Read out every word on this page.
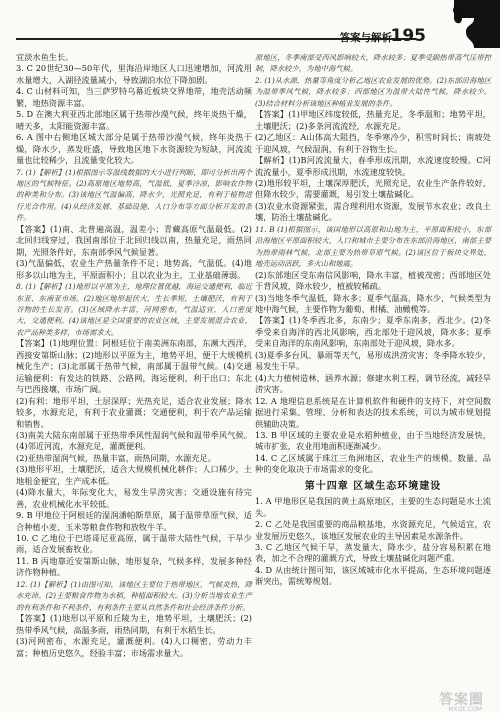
答案与解析
195

宜淡水鱼生长。

3. C 20世纪30—50年代，里海沿岸地区人口迅速增加，河流用水量增大，入湖径流量减小，导致湖泊水位下降加剧。

4. C 山材料可知，当三萨罗特乌幕近板块交界地带，地壳活动频繁，地热资源丰富。

5. D 在澳大利亚西北部地区属于热带沙漠气候，终年炎热干燥，晴天多，太阳能资源丰富。

6. A 图中右侧地区城大部分是属于热带沙漠气候，终年炎热干燥，降水少，蒸发旺盛，导致地区地下水资源较为短缺，河流流量也比较稀少，且流量变化较大。

7. (1)【解析】(1)根据图示等温线数据的大小进行判断，即可分析出两个地区的气候特征。(2)高原地区地势高，气温低，夏季冷凉，影响农作物的种类和分布。(3)该地区气温偏高，降水少，光照充足，有利于植物进行光合作用。(4)从经济发展、基础设施、人口分布等方面分析开发的条件。

【答案】(1)南、北普遍高温，温差小；青藏高原气温最低。(2)北回归线穿过，我国南部位于北回归线以南，热量充足，雨热同期，光照条件好，东南部季风气候显著。

(3)气温偏低，农业生产热量条件不足；地势高，气温低。(4)地形多以山地为主，平原面积小；且以农业为主，工业基础薄弱。

8. (1)【解析】(1)地形以平原为主，地理位置优越，海运交通便利，临近东亚、东南亚市场。(2)地区地形起伏大，生长季短，土壤肥沃，有利于谷物的生长发育。(3)区域降水丰富，河网密布，气温适宜，人口密度大，交通便利。(4)该地区是全国重要的农业区域，主要发展混合农业，农产品种类多样，市场需求大。

【答案】(1)地理位置：阿根廷位于南美洲东南部，东濒大西洋，西接安第斯山脉；(2)地形以平原为主，地势平坦，便于大规模机械化生产；(3)北部属于热带气候，南部属于温带气候。(4)交通运输便利：有发达的铁路、公路网，海运便利，利于出口；东北与巴西接壤，市场广阔。

(2)有利：地形平坦，土层深厚；光热充足，适合农业发展；降水较多，水源充足，有利于农业灌溉；交通便利，利于农产品运输和销售。

(3)南美大陆东南部属于亚热带季风性湿润气候和温带季风气候。(4)邻近河流，水源充足，灌溉便利。

(2)亚热带湿润气候，热量丰富，雨热同期，水源充足。

(3)地形平坦，土壤肥沃，适合大规模机械化耕作；人口稀少，土地租金便宜，生产成本低。

(4)降水量大，年际变化大，易发生旱涝灾害；交通设施有待完善，农业机械化水平较低。

9. B 甲地位于阿根廷的湿润潘帕斯草原，属于温带草原气候，适合种植小麦、玉米等粮食作物和放牧牛羊。

10. C 乙地位于巴塔哥尼亚高原，属于温带大陆性气候，干旱少雨，适合发展畜牧业。

11. B 丙地靠近安第斯山脉，地形复杂，气候多样，发展多种经济作物种植。

12. (1)【解析】(1)由图可知，该地区主要位于热带地区，气候炎热，降水充沛。(2)主要粮食作物为水稻，种植面积较大。(3)分析当地农业生产的有利条件和不利条件，有利条件主要从自然条件和社会经济条件分析。

【答案】(1)地形以平原和丘陵为主，地势平坦，土壤肥沃；(2)热带季风气候，高温多雨，雨热同期，有利于水稻生长。

(3)河网密布，水源充足，灌溉便利。(4)人口稠密，劳动力丰富；种植历史悠久，经验丰富；市场需求量大。

原地区，冬季南部受西风影响较大，降水较多；夏季受副热带高气压带控制，降水较少，为地中海气候。

2. (1)从水源、热量等角度分析乙地区农业发展的优势。(2)东部沿海地区为温带季风气候，降水较多；西部地区为温带大陆性气候，降水较少。(3)结合材料分析该地区种植业发展的条件。

【答案】(1)甲地区纬度较低，热量充足，冬季温和；地势平坦，土壤肥沃；(2)多条河流流经，水源充足。

(2)乙地区：A山体高大阻挡，冬季寒冷少，积雪时间长；南坡处于迎风坡，气候湿润，有利于谷物生长。

【解析】(1)B河流流量大，春季形成汛期，水流速度较慢。C河流流量小，夏季形成汛期，水流速度较快。

(2)地形较平坦，土壤深厚肥沃，光照充足，农业生产条件较好，但降水较少，需要灌溉，易引发土壤盐碱化。

(3)农业水资源紧张，需合理利用水资源，发展节水农业；改良土壤，防治土壤盐碱化。

11. B (1)根据图示，该国地形以高原和山地为主，平原面积较小，东部沿海地区平原面积较大，人口和城市主要分布在东部沿海地区，南部主要为热带雨林气候，北部主要为热带草原气候。(2)该区位于板块交界处，地壳运动活跃，多火山和地震。

(2)东部地区受东南信风影响，降水丰富，植被茂密；西部地区处于背风坡，降水较少，植被较稀疏。

(3)当地冬季气温低，降水多；夏季气温高，降水少，气候类型为地中海气候，主要作物为葡萄、柑橘、油橄榄等。

【答案】(1)冬季西北多，东南少；夏季东南多，西北少。(2)冬季受来自海洋的西北风影响，西北部处于迎风坡，降水多；夏季受来自海洋的东南风影响，东南部处于迎风坡，降水多。

(3)夏季多台风、暴雨等天气，易形成洪涝灾害；冬季降水较少，易发生干旱。

(4)大力植树造林，涵养水源；修建水利工程，调节径流，减轻旱涝灾害。

12. A 地理信息系统是在计算机软件和硬件的支持下，对空间数据进行采集、管理、分析和表达的技术系统，可以为城市规划提供辅助决策。

13. B 甲区域的主要农业是水稻种植业，由于当地经济发展快，城市扩张，农业用地面积逐渐减少。

14. C 乙区域属于珠江三角洲地区，农业生产的规模、数量、品种的变化取决于市场需求的变化。

第十四章 区域生态环境建设

1. A 甲地形区是我国的黄土高原地区，主要的生态问题是水土流失。

2. C 乙处是我国重要的商品粮基地，水资源充足，气候适宜，农业发展历史悠久，该地区发展农业的主导因素是水源条件。

3. C 乙地区气候干旱，蒸发量大，降水少，盐分容易积累在地表，加之不合理的灌溉方式，导致土壤盐碱化问题严重。

4. D 从由统计图可知，该区域城市化水平提高，生态环境问题逐渐突出，需统筹规划。

答案圈
MXQE.COM
